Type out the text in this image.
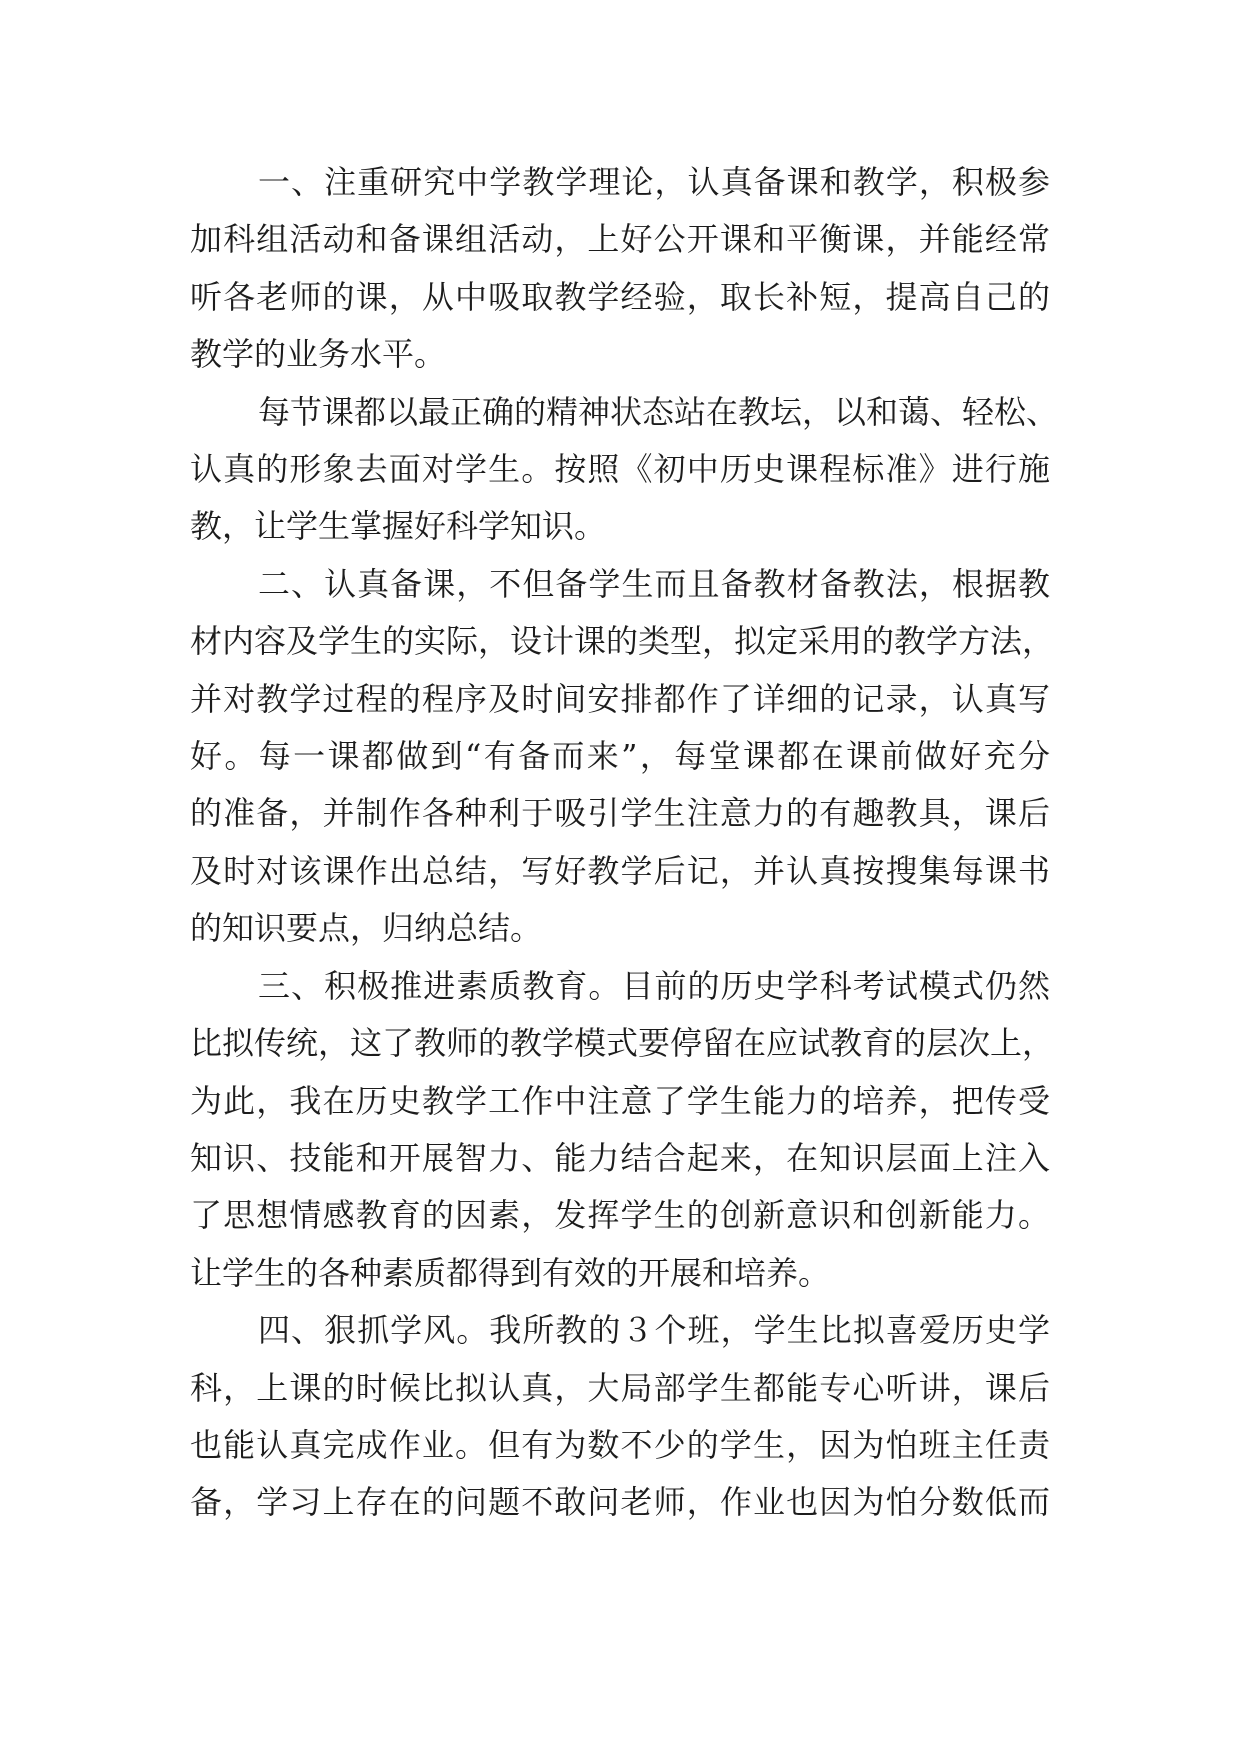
一、注重研究中学教学理论，认真备课和教学，积极参
加科组活动和备课组活动，上好公开课和平衡课，并能经常
听各老师的课，从中吸取教学经验，取长补短，提高自己的
教学的业务水平。

每节课都以最正确的精神状态站在教坛，以和蔼、轻松、
认真的形象去面对学生。按照《初中历史课程标准》进行施
教，让学生掌握好科学知识。

二、认真备课，不但备学生而且备教材备教法，根据教
材内容及学生的实际，设计课的类型，拟定采用的教学方法，
并对教学过程的程序及时间安排都作了详细的记录，认真写
好。每一课都做到“有备而来”，每堂课都在课前做好充分
的准备，并制作各种利于吸引学生注意力的有趣教具，课后
及时对该课作出总结，写好教学后记，并认真按搜集每课书
的知识要点，归纳总结。

三、积极推进素质教育。目前的历史学科考试模式仍然
比拟传统，这了教师的教学模式要停留在应试教育的层次上，
为此，我在历史教学工作中注意了学生能力的培养，把传受
知识、技能和开展智力、能力结合起来，在知识层面上注入
了思想情感教育的因素，发挥学生的创新意识和创新能力。
让学生的各种素质都得到有效的开展和培养。

四、狠抓学风。我所教的３个班，学生比拟喜爱历史学
科，上课的时候比拟认真，大局部学生都能专心听讲，课后
也能认真完成作业。但有为数不少的学生，因为怕班主任责
备，学习上存在的问题不敢问老师，作业也因为怕分数低而
